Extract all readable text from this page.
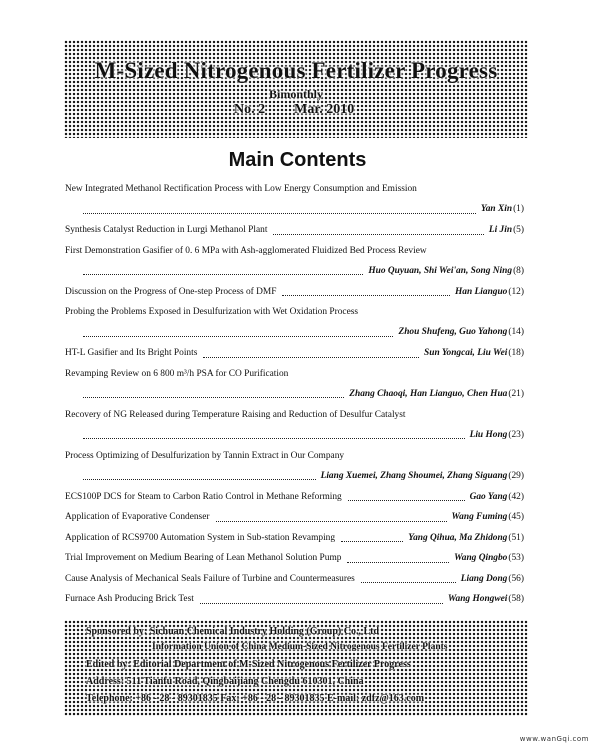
M-Sized Nitrogenous Fertilizer Progress
Bimonthly
No. 2 Mar. 2010
Main Contents
New Integrated Methanol Rectification Process with Low Energy Consumption and Emission
Yan Xin (1)
Synthesis Catalyst Reduction in Lurgi Methanol Plant	Li Jin (5)
First Demonstration Gasifier of 0. 6 MPa with Ash-agglomerated Fluidized Bed Process Review
Huo Quyuan, Shi Wei'an, Song Ning (8)
Discussion on the Progress of One-step Process of DMF	Han Lianguo (12)
Probing the Problems Exposed in Desulfurization with Wet Oxidation Process
Zhou Shufeng, Guo Yahong (14)
HT-L Gasifier and Its Bright Points	Sun Yongcai, Liu Wei (18)
Revamping Review on 6 800 m³/h PSA for CO Purification
Zhang Chaoqi, Han Lianguo, Chen Hua (21)
Recovery of NG Released during Temperature Raising and Reduction of Desulfur Catalyst
Liu Hong (23)
Process Optimizing of Desulfurization by Tannin Extract in Our Company
Liang Xuemei, Zhang Shoumei, Zhang Siguang (29)
ECS100P DCS for Steam to Carbon Ratio Control in Methane Reforming	Gao Yang (42)
Application of Evaporative Condenser	Wang Fuming (45)
Application of RCS9700 Automation System in Sub-station Revamping	Yang Qihua, Ma Zhidong (51)
Trial Improvement on Medium Bearing of Lean Methanol Solution Pump	Wang Qingbo (53)
Cause Analysis of Mechanical Seals Failure of Turbine and Countermeasures	Liang Dong (56)
Furnace Ash Producing Brick Test	Wang Hongwei (58)
Sponsored by: Sichuan Chemical Industry Holding (Group) Co., Ltd
Information Union of China Medium-Sized Nitrogenous Fertilizer Plants
Edited by: Editorial Department of M-Sized Nitrogenous Fertilizer Progress
Address: 511 Tianfu Road, Qingbaijiang Chengdu 610301, China
Telephone: +86 - 28 - 89301835 Fax: +86 - 28 - 89301835 E-mail: zdfz@163.com
www.wanGqi.com
